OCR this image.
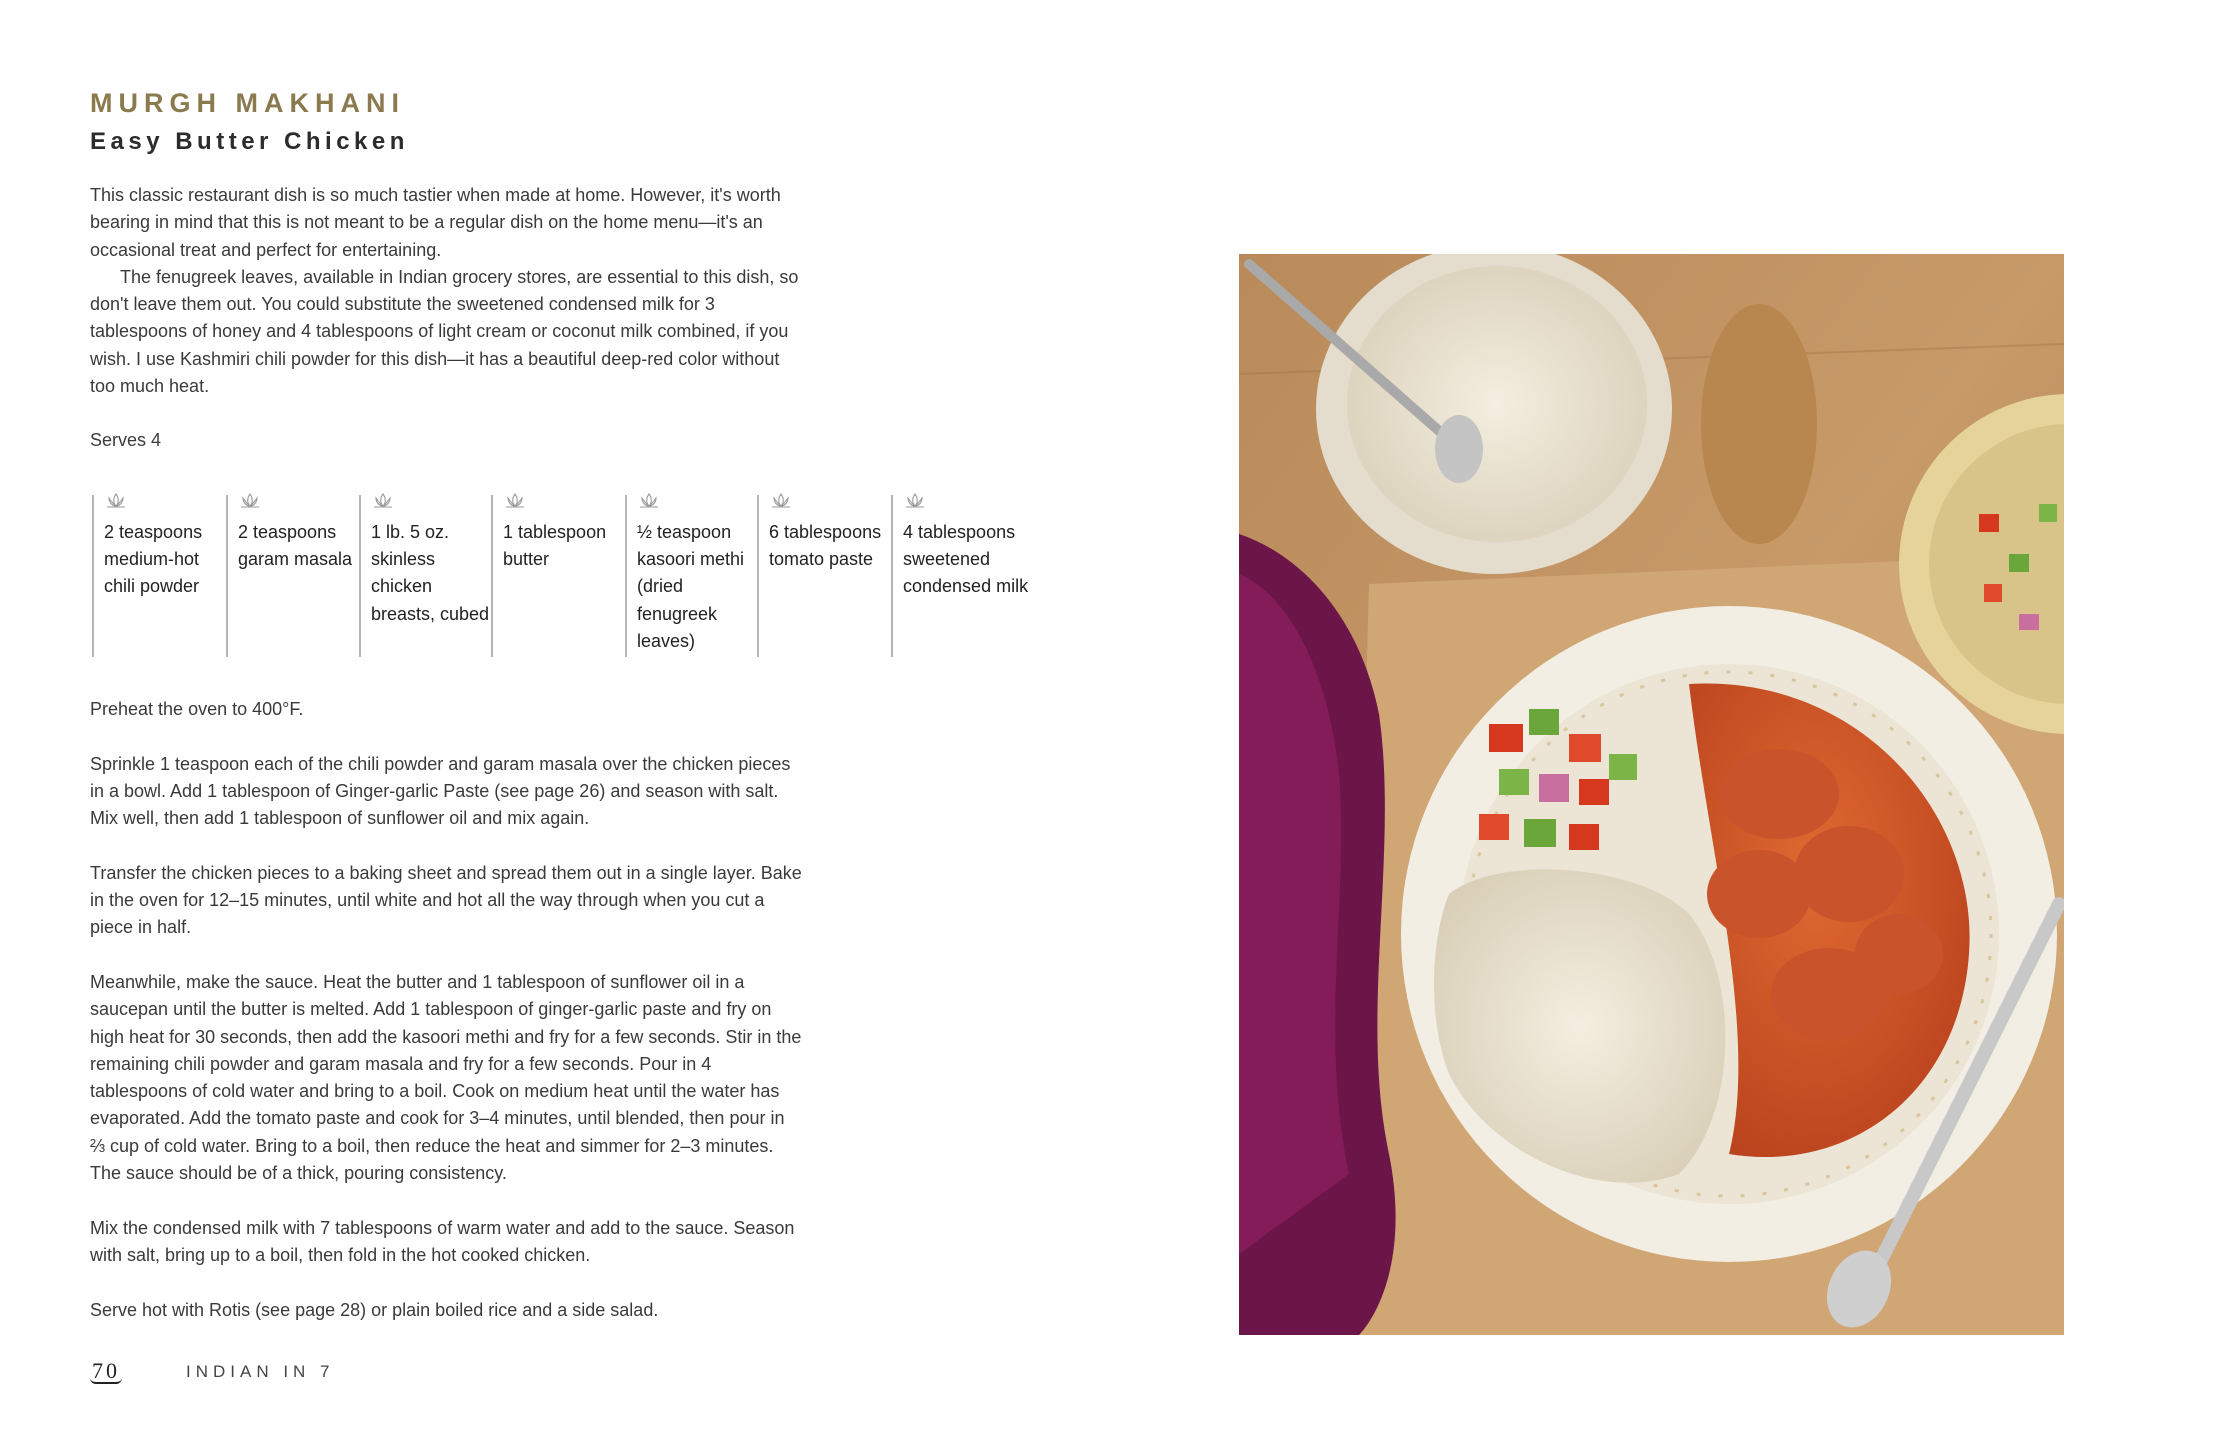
MURGH MAKHANI
Easy Butter Chicken

This classic restaurant dish is so much tastier when made at home. However, it's worth bearing in mind that this is not meant to be a regular dish on the home menu—it's an occasional treat and perfect for entertaining.

The fenugreek leaves, available in Indian grocery stores, are essential to this dish, so don't leave them out. You could substitute the sweetened condensed milk for 3 tablespoons of honey and 4 tablespoons of light cream or coconut milk combined, if you wish. I use Kashmiri chili powder for this dish—it has a beautiful deep-red color without too much heat.

Serves 4
2 teaspoons medium-hot chili powder
2 teaspoons garam masala
1 lb. 5 oz. skinless chicken breasts, cubed
1 tablespoon butter
½ teaspoon kasoori methi (dried fenugreek leaves)
6 tablespoons tomato paste
4 tablespoons sweetened condensed milk

Preheat the oven to 400°F.

Sprinkle 1 teaspoon each of the chili powder and garam masala over the chicken pieces in a bowl. Add 1 tablespoon of Ginger-garlic Paste (see page 26) and season with salt. Mix well, then add 1 tablespoon of sunflower oil and mix again.

Transfer the chicken pieces to a baking sheet and spread them out in a single layer. Bake in the oven for 12–15 minutes, until white and hot all the way through when you cut a piece in half.

Meanwhile, make the sauce. Heat the butter and 1 tablespoon of sunflower oil in a saucepan until the butter is melted. Add 1 tablespoon of ginger-garlic paste and fry on high heat for 30 seconds, then add the kasoori methi and fry for a few seconds. Stir in the remaining chili powder and garam masala and fry for a few seconds. Pour in 4 tablespoons of cold water and bring to a boil. Cook on medium heat until the water has evaporated. Add the tomato paste and cook for 3–4 minutes, until blended, then pour in ⅔ cup of cold water. Bring to a boil, then reduce the heat and simmer for 2–3 minutes. The sauce should be of a thick, pouring consistency.

Mix the condensed milk with 7 tablespoons of warm water and add to the sauce. Season with salt, bring up to a boil, then fold in the hot cooked chicken.

Serve hot with Rotis (see page 28) or plain boiled rice and a side salad.

70	INDIAN IN 7
